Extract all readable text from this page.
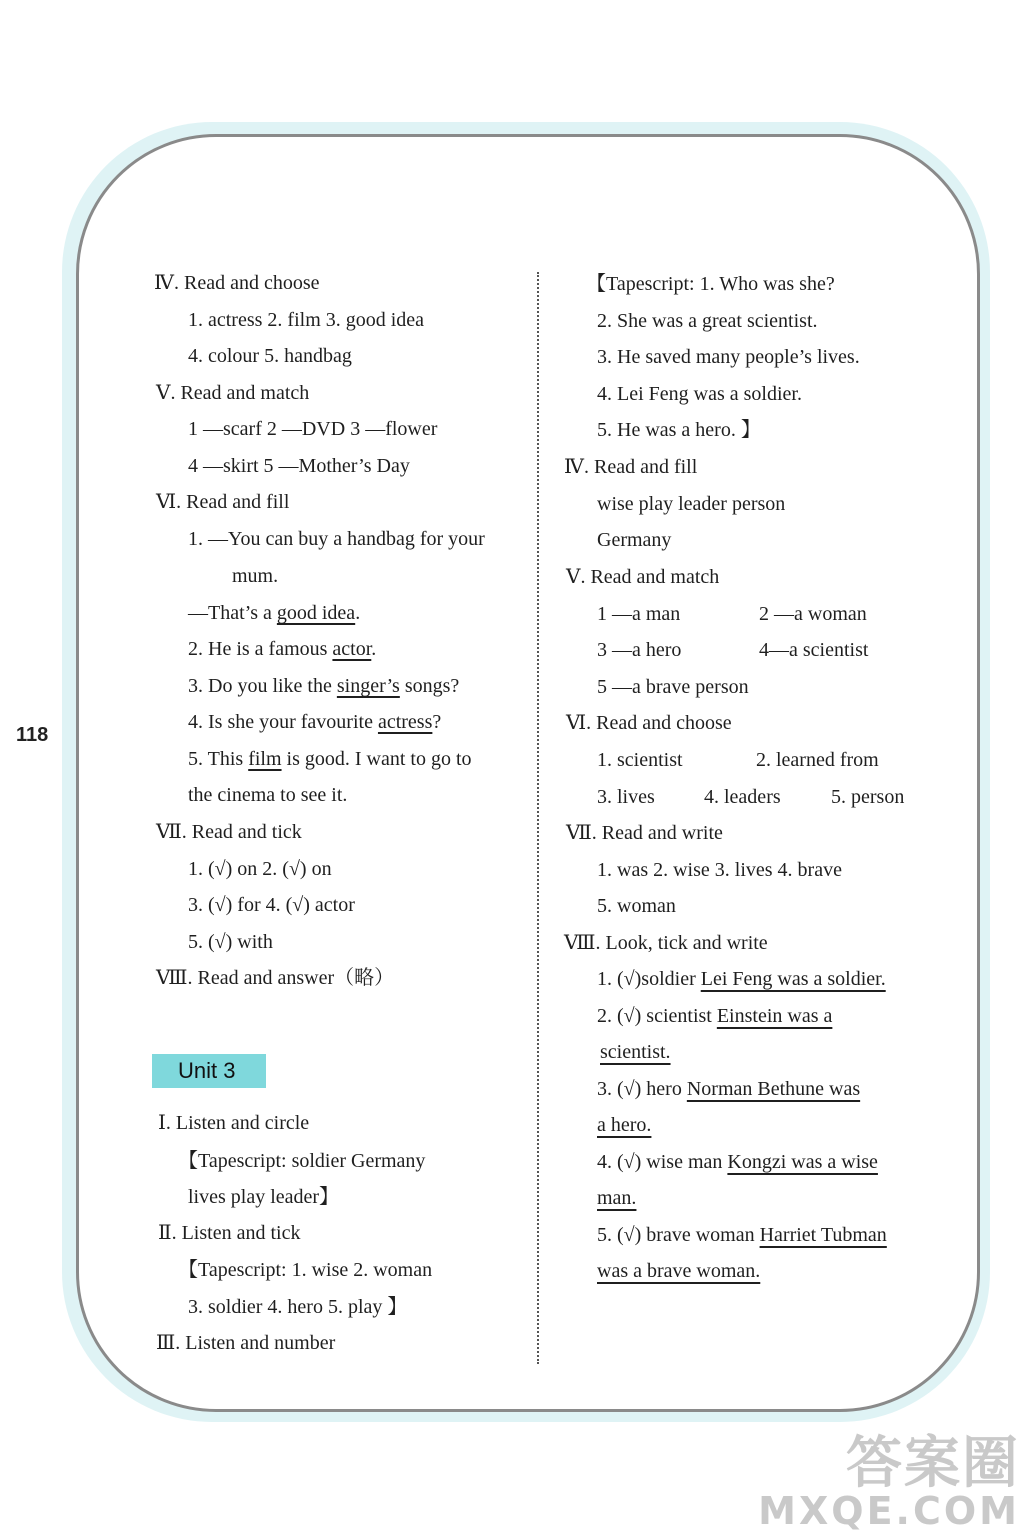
118
Ⅳ. Read and choose
1. actress 2. film 3. good idea
4. colour 5. handbag
Ⅴ. Read and match
1 —scarf 2 —DVD 3 —flower
4 —skirt 5 —Mother’s Day
Ⅵ. Read and fill
1. —You can buy a handbag for your
mum.
—That’s a good idea.
2. He is a famous actor.
3. Do you like the singer’s songs?
4. Is she your favourite actress?
5. This film is good. I want to go to
the cinema to see it.
Ⅶ. Read and tick
1. (√) on 2. (√) on
3. (√) for 4. (√) actor
5. (√) with
Ⅷ. Read and answer（略）
Unit 3
Ⅰ. Listen and circle
【Tapescript: soldier Germany
lives play leader】
Ⅱ. Listen and tick
【Tapescript: 1. wise 2. woman
3. soldier 4. hero 5. play 】
Ⅲ. Listen and number
【Tapescript: 1. Who was she?
2. She was a great scientist.
3. He saved many people’s lives.
4. Lei Feng was a soldier.
5. He was a hero. 】
Ⅳ. Read and fill
wise play leader person
Germany
Ⅴ. Read and match
1 —a man	2 —a woman
3 —a hero	4—a scientist
5 —a brave person
Ⅵ. Read and choose
1. scientist	2. learned from
3. lives 4. leaders	5. person
Ⅶ. Read and write
1. was 2. wise 3. lives 4. brave
5. woman
Ⅷ. Look, tick and write
1. (√)soldier Lei Feng was a soldier.
2. (√) scientist Einstein was a
scientist.
3. (√) hero Norman Bethune was
a hero.
4. (√) wise man Kongzi was a wise
man.
5. (√) brave woman Harriet Tubman
was a brave woman.
答案圈
MXQE.COM
